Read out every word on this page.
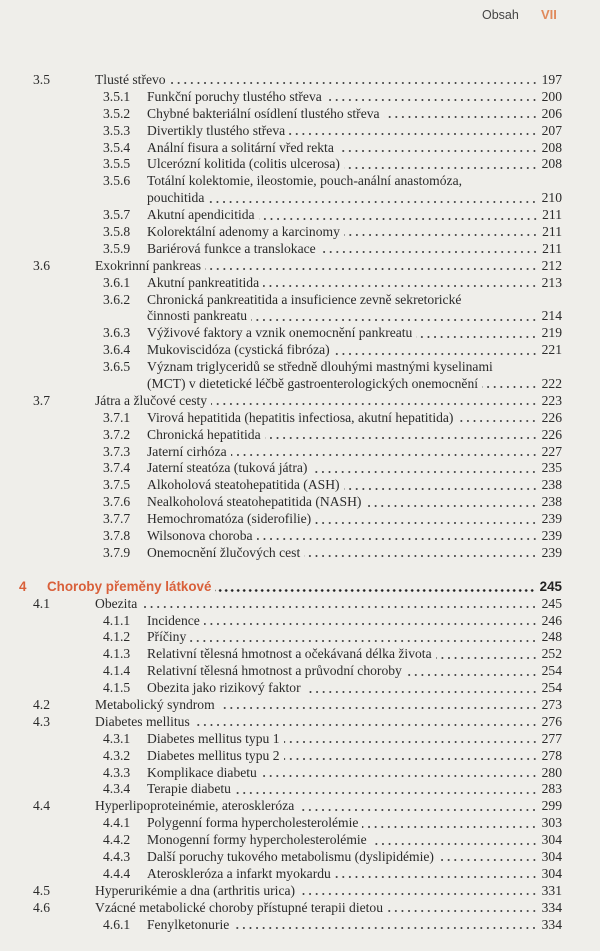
Obsah VII
3.5	Tlusté střevo	197
3.5.1	Funkční poruchy tlustého střeva	200
3.5.2	Chybné bakteriální osídlení tlustého střeva	206
3.5.3	Divertikly tlustého střeva	207
3.5.4	Anální fisura a solitární vřed rekta	208
3.5.5	Ulcerózní kolitida (colitis ulcerosa)	208
3.5.6	Totální kolektomie, ileostomie, pouch-anální anastomóza,
pouchitida	210
3.5.7	Akutní apendicitida	211
3.5.8	Kolorektální adenomy a karcinomy	211
3.5.9	Bariérová funkce a translokace	211
3.6	Exokrinní pankreas	212
3.6.1	Akutní pankreatitida	213
3.6.2	Chronická pankreatitida a insuficience zevně sekretorické
činnosti pankreatu	214
3.6.3	Výživové faktory a vznik onemocnění pankreatu	219
3.6.4	Mukoviscidóza (cystická fibróza)	221
3.6.5	Význam triglyceridů se středně dlouhými mastnými kyselinami
(MCT) v dietetické léčbě gastroenterologických onemocnění	222
3.7	Játra a žlučové cesty	223
3.7.1	Virová hepatitida (hepatitis infectiosa, akutní hepatitida)	226
3.7.2	Chronická hepatitida	226
3.7.3	Jaterní cirhóza	227
3.7.4	Jaterní steatóza (tuková játra)	235
3.7.5	Alkoholová steatohepatitida (ASH)	238
3.7.6	Nealkoholová steatohepatitida (NASH)	238
3.7.7	Hemochromatóza (siderofilie)	239
3.7.8	Wilsonova choroba	239
3.7.9	Onemocnění žlučových cest	239
4	Choroby přeměny látkové	245
4.1	Obezita	245
4.1.1	Incidence	246
4.1.2	Příčiny	248
4.1.3	Relativní tělesná hmotnost a očekávaná délka života	252
4.1.4	Relativní tělesná hmotnost a průvodní choroby	254
4.1.5	Obezita jako rizikový faktor	254
4.2	Metabolický syndrom	273
4.3	Diabetes mellitus	276
4.3.1	Diabetes mellitus typu 1	277
4.3.2	Diabetes mellitus typu 2	278
4.3.3	Komplikace diabetu	280
4.3.4	Terapie diabetu	283
4.4	Hyperlipoproteinémie, ateroskleróza	299
4.4.1	Polygenní forma hypercholesterolémie	303
4.4.2	Monogenní formy hypercholesterolémie	304
4.4.3	Další poruchy tukového metabolismu (dyslipidémie)	304
4.4.4	Ateroskleróza a infarkt myokardu	304
4.5	Hyperurikémie a dna (arthritis urica)	331
4.6	Vzácné metabolické choroby přístupné terapii dietou	334
4.6.1	Fenylketonurie	334
